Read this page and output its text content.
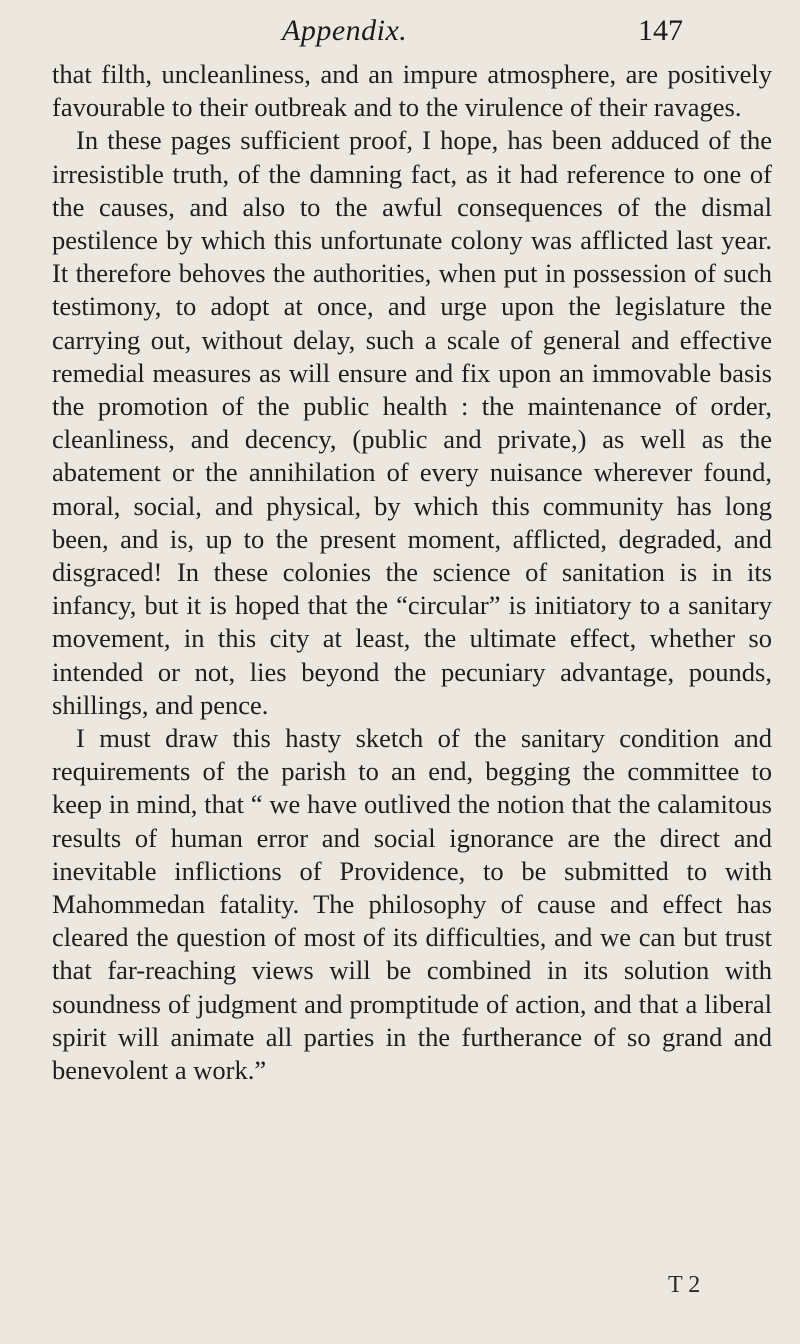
Appendix.	147

that filth, uncleanliness, and an impure atmosphere, are positively favourable to their outbreak and to the virulence of their ravages.

In these pages sufficient proof, I hope, has been adduced of the irresistible truth, of the damning fact, as it had reference to one of the causes, and also to the awful consequences of the dismal pestilence by which this unfortunate colony was afflicted last year. It therefore behoves the authorities, when put in possession of such testimony, to adopt at once, and urge upon the legislature the carrying out, without delay, such a scale of general and effective remedial measures as will ensure and fix upon an immovable basis the promotion of the public health : the maintenance of order, cleanliness, and decency, (public and private,) as well as the abatement or the annihilation of every nuisance wherever found, moral, social, and physical, by which this community has long been, and is, up to the present moment, afflicted, degraded, and disgraced! In these colonies the science of sanitation is in its infancy, but it is hoped that the “circular” is initiatory to a sanitary movement, in this city at least, the ultimate effect, whether so intended or not, lies beyond the pecuniary advantage, pounds, shillings, and pence.

I must draw this hasty sketch of the sanitary condition and requirements of the parish to an end, begging the committee to keep in mind, that “ we have outlived the notion that the calamitous results of human error and social ignorance are the direct and inevitable inflictions of Providence, to be submitted to with Mahommedan fatality. The philosophy of cause and effect has cleared the question of most of its difficulties, and we can but trust that far-reaching views will be combined in its solution with soundness of judgment and promptitude of action, and that a liberal spirit will animate all parties in the furtherance of so grand and benevolent a work.”

T 2
